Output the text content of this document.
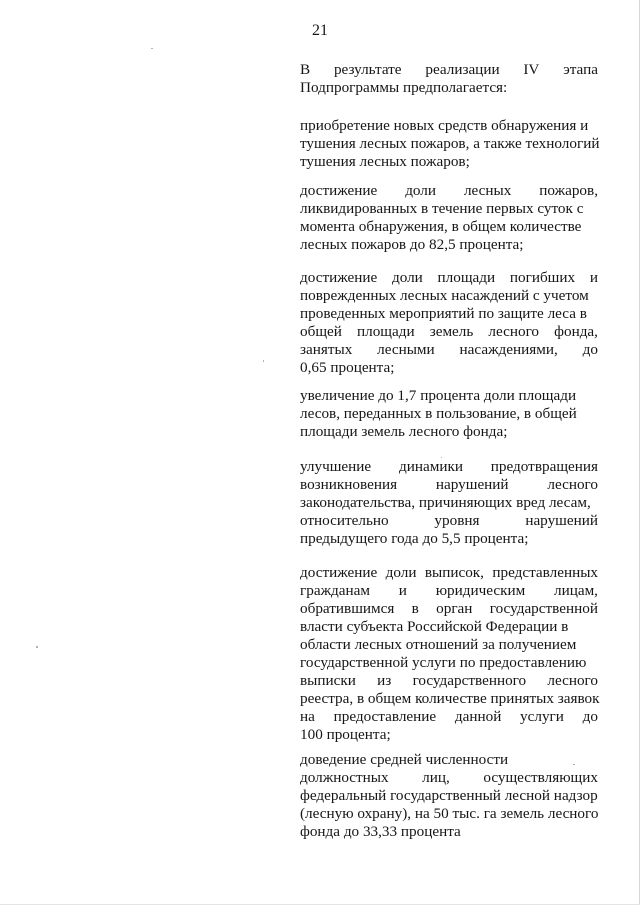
21
В результате реализации IV этапа
Подпрограммы предполагается:
приобретение новых средств обнаружения и
тушения лесных пожаров, а также технологий
тушения лесных пожаров;
достижение доли лесных пожаров,
ликвидированных в течение первых суток с
момента обнаружения, в общем количестве
лесных пожаров до 82,5 процента;
достижение доли площади погибших и
поврежденных лесных насаждений с учетом
проведенных мероприятий по защите леса в
общей площади земель лесного фонда,
занятых лесными насаждениями, до
0,65 процента;
увеличение до 1,7 процента доли площади
лесов, переданных в пользование, в общей
площади земель лесного фонда;
улучшение динамики предотвращения
возникновения	нарушений	лесного
законодательства, причиняющих вред лесам,
относительно	уровня	нарушений
предыдущего года до 5,5 процента;
достижение доли выписок, представленных
гражданам и юридическим лицам,
обратившимся в орган государственной
власти субъекта Российской Федерации в
области лесных отношений за получением
государственной услуги по предоставлению
выписки из государственного лесного
реестра, в общем количестве принятых заявок
на предоставление данной услуги до
100 процента;
доведение средней численности
должностных лиц, осуществляющих
федеральный государственный лесной надзор
(лесную охрану), на 50 тыс. га земель лесного
фонда до 33,33 процента
